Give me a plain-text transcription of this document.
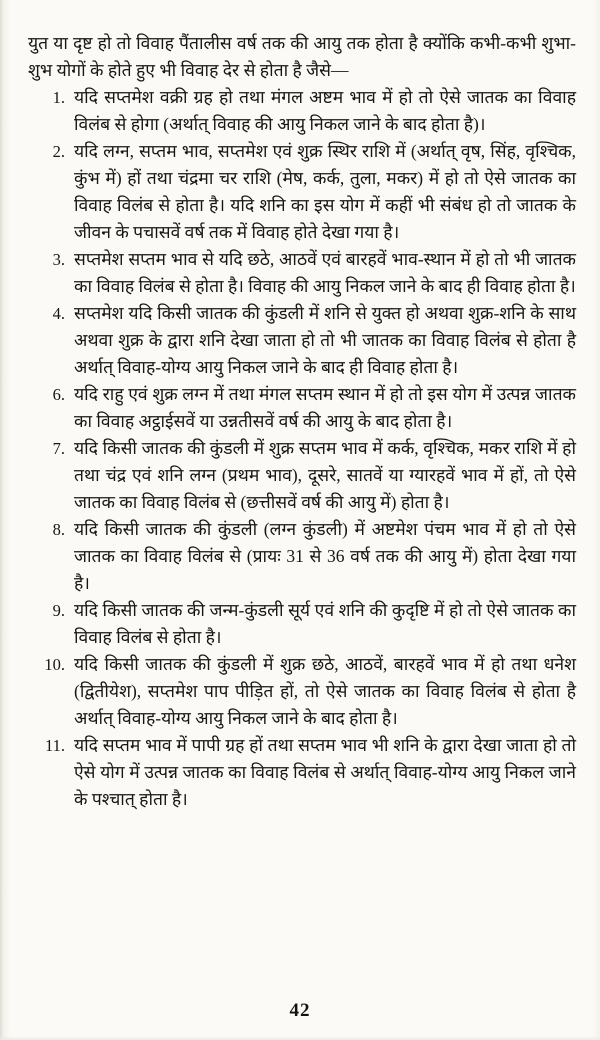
युत या दृष्ट हो तो विवाह पैंतालीस वर्ष तक की आयु तक होता है क्योंकि कभी-कभी शुभा-शुभ योगों के होते हुए भी विवाह देर से होता है जैसे—

1. यदि सप्तमेश वक्री ग्रह हो तथा मंगल अष्टम भाव में हो तो ऐसे जातक का विवाह विलंब से होगा (अर्थात् विवाह की आयु निकल जाने के बाद होता है)।
2. यदि लग्न, सप्तम भाव, सप्तमेश एवं शुक्र स्थिर राशि में (अर्थात् वृष, सिंह, वृश्चिक, कुंभ में) हों तथा चंद्रमा चर राशि (मेष, कर्क, तुला, मकर) में हो तो ऐसे जातक का विवाह विलंब से होता है। यदि शनि का इस योग में कहीं भी संबंध हो तो जातक के जीवन के पचासवें वर्ष तक में विवाह होते देखा गया है।
3. सप्तमेश सप्तम भाव से यदि छठे, आठवें एवं बारहवें भाव-स्थान में हो तो भी जातक का विवाह विलंब से होता है। विवाह की आयु निकल जाने के बाद ही विवाह होता है।
4. सप्तमेश यदि किसी जातक की कुंडली में शनि से युक्त हो अथवा शुक्र-शनि के साथ अथवा शुक्र के द्वारा शनि देखा जाता हो तो भी जातक का विवाह विलंब से होता है अर्थात् विवाह-योग्य आयु निकल जाने के बाद ही विवाह होता है।
6. यदि राहु एवं शुक्र लग्न में तथा मंगल सप्तम स्थान में हो तो इस योग में उत्पन्न जातक का विवाह अट्ठाईसवें या उन्नतीसवें वर्ष की आयु के बाद होता है।
7. यदि किसी जातक की कुंडली में शुक्र सप्तम भाव में कर्क, वृश्चिक, मकर राशि में हो तथा चंद्र एवं शनि लग्न (प्रथम भाव), दूसरे, सातवें या ग्यारहवें भाव में हों, तो ऐसे जातक का विवाह विलंब से (छत्तीसवें वर्ष की आयु में) होता है।
8. यदि किसी जातक की कुंडली (लग्न कुंडली) में अष्टमेश पंचम भाव में हो तो ऐसे जातक का विवाह विलंब से (प्रायः 31 से 36 वर्ष तक की आयु में) होता देखा गया है।
9. यदि किसी जातक की जन्म-कुंडली सूर्य एवं शनि की कुदृष्टि में हो तो ऐसे जातक का विवाह विलंब से होता है।
10. यदि किसी जातक की कुंडली में शुक्र छठे, आठवें, बारहवें भाव में हो तथा धनेश (द्वितीयेश), सप्तमेश पाप पीड़ित हों, तो ऐसे जातक का विवाह विलंब से होता है अर्थात् विवाह-योग्य आयु निकल जाने के बाद होता है।
11. यदि सप्तम भाव में पापी ग्रह हों तथा सप्तम भाव भी शनि के द्वारा देखा जाता हो तो ऐसे योग में उत्पन्न जातक का विवाह विलंब से अर्थात् विवाह-योग्य आयु निकल जाने के पश्चात् होता है।
42
